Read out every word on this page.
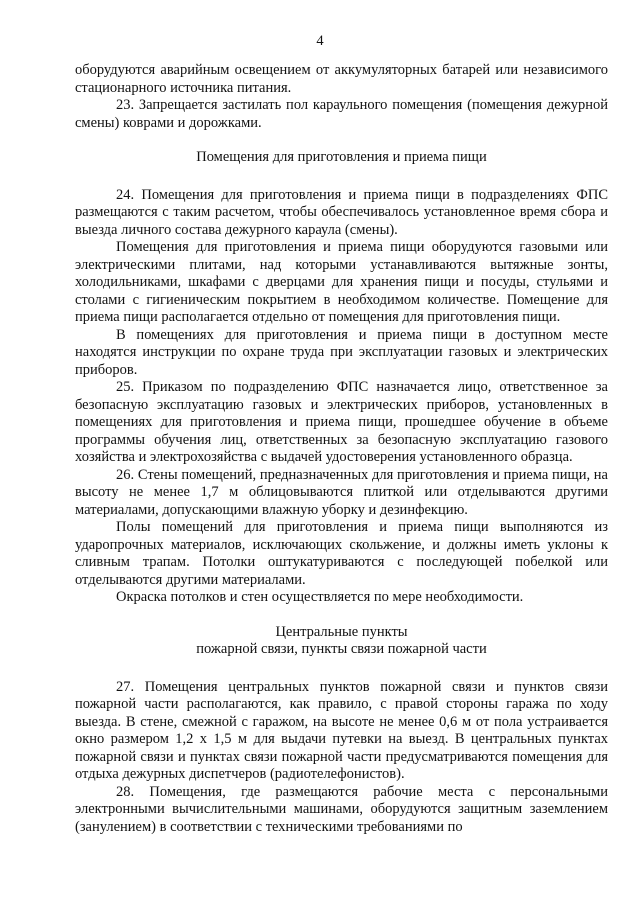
4

оборудуются аварийным освещением от аккумуляторных батарей или независимого стационарного источника питания.

23. Запрещается застилать пол караульного помещения (помещения дежурной смены) коврами и дорожками.

Помещения для приготовления и приема пищи

24. Помещения для приготовления и приема пищи в подразделениях ФПС размещаются с таким расчетом, чтобы обеспечивалось установленное время сбора и выезда личного состава дежурного караула (смены).

Помещения для приготовления и приема пищи оборудуются газовыми или электрическими плитами, над которыми устанавливаются вытяжные зонты, холодильниками, шкафами с дверцами для хранения пищи и посуды, стульями и столами с гигиеническим покрытием в необходимом количестве. Помещение для приема пищи располагается отдельно от помещения для приготовления пищи.

В помещениях для приготовления и приема пищи в доступном месте находятся инструкции по охране труда при эксплуатации газовых и электрических приборов.

25. Приказом по подразделению ФПС назначается лицо, ответственное за безопасную эксплуатацию газовых и электрических приборов, установленных в помещениях для приготовления и приема пищи, прошедшее обучение в объеме программы обучения лиц, ответственных за безопасную эксплуатацию газового хозяйства и электрохозяйства с выдачей удостоверения установленного образца.

26. Стены помещений, предназначенных для приготовления и приема пищи, на высоту не менее 1,7 м облицовываются плиткой или отделываются другими материалами, допускающими влажную уборку и дезинфекцию.

Полы помещений для приготовления и приема пищи выполняются из ударопрочных материалов, исключающих скольжение, и должны иметь уклоны к сливным трапам. Потолки оштукатуриваются с последующей побелкой или отделываются другими материалами.

Окраска потолков и стен осуществляется по мере необходимости.

Центральные пункты
пожарной связи, пункты связи пожарной части

27. Помещения центральных пунктов пожарной связи и пунктов связи пожарной части располагаются, как правило, с правой стороны гаража по ходу выезда. В стене, смежной с гаражом, на высоте не менее 0,6 м от пола устраивается окно размером 1,2 х 1,5 м для выдачи путевки на выезд. В центральных пунктах пожарной связи и пунктах связи пожарной части предусматриваются помещения для отдыха дежурных диспетчеров (радиотелефонистов).

28. Помещения, где размещаются рабочие места с персональными электронными вычислительными машинами, оборудуются защитным заземлением (занулением) в соответствии с техническими требованиями по
